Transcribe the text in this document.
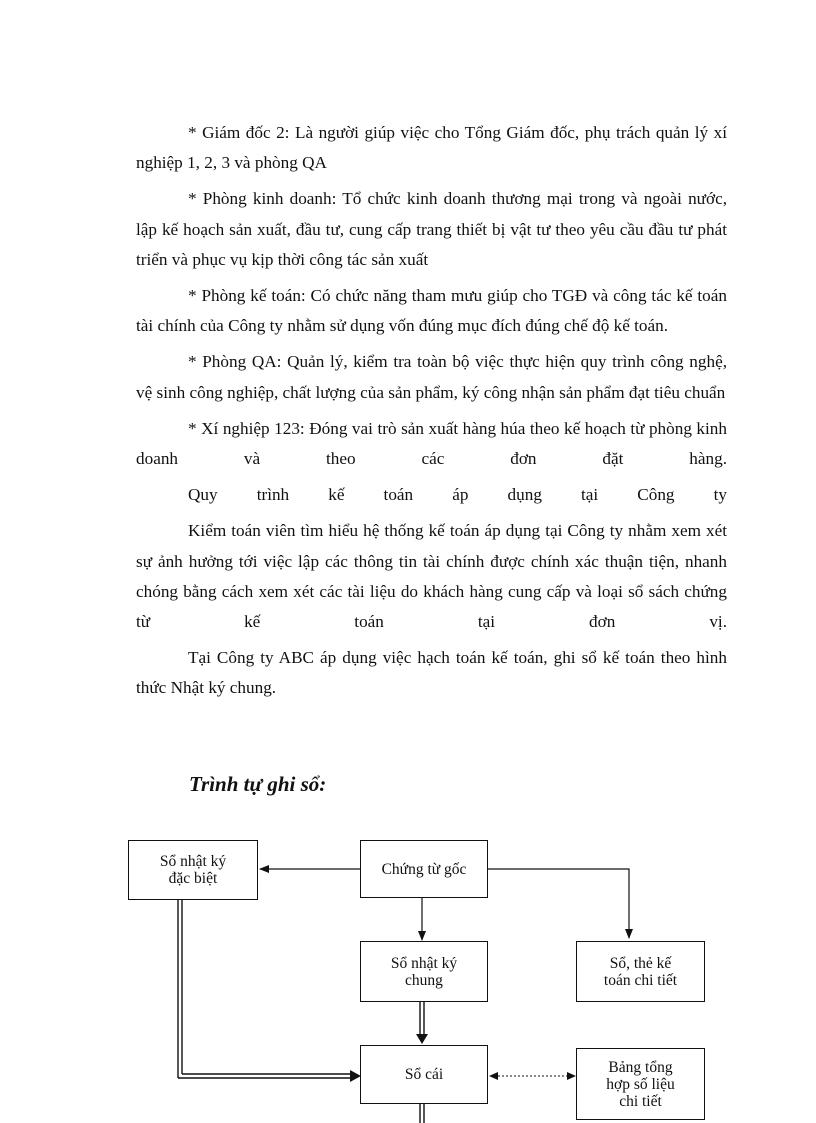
* Giám đốc 2: Là người giúp việc cho Tổng Giám đốc, phụ trách quản lý xí nghiệp 1, 2, 3 và phòng QA

* Phòng kinh doanh: Tổ chức kinh doanh thương mại trong và ngoài nước, lập kế hoạch sản xuất, đầu tư, cung cấp trang thiết bị vật tư theo yêu cầu đầu tư phát triển và phục vụ kịp thời công tác sản xuất

* Phòng kế toán: Có chức năng tham mưu giúp cho TGĐ và công tác kế toán tài chính của Công ty nhằm sử dụng vốn đúng mục đích đúng chế độ kế toán.

* Phòng QA: Quản lý, kiểm tra toàn bộ việc thực hiện quy trình công nghệ, vệ sinh công nghiệp, chất lượng của sản phẩm, ký công nhận sản phẩm đạt tiêu chuẩn

* Xí nghiệp 123: Đóng vai trò sản xuất hàng húa theo kế hoạch từ phòng kinh doanh và theo các đơn đặt hàng.

Quy trình kế toán áp dụng tại Công ty

Kiểm toán viên tìm hiểu hệ thống kế toán áp dụng tại Công ty nhằm xem xét sự ảnh hưởng tới việc lập các thông tin tài chính được chính xác thuận tiện, nhanh chóng bằng cách xem xét các tài liệu do khách hàng cung cấp và loại sổ sách chứng từ kế toán tại đơn vị.

Tại Công ty ABC áp dụng việc hạch toán kế toán, ghi sổ kế toán theo hình thức Nhật ký chung.

Trình tự ghi sổ:
Chứng từ gốc
Sổ nhật ký
đặc biệt
Sổ nhật ký
chung
Sổ, thẻ kế
toán chi tiết
Sổ cái	Bảng tổng
hợp số liệu
chi tiết
